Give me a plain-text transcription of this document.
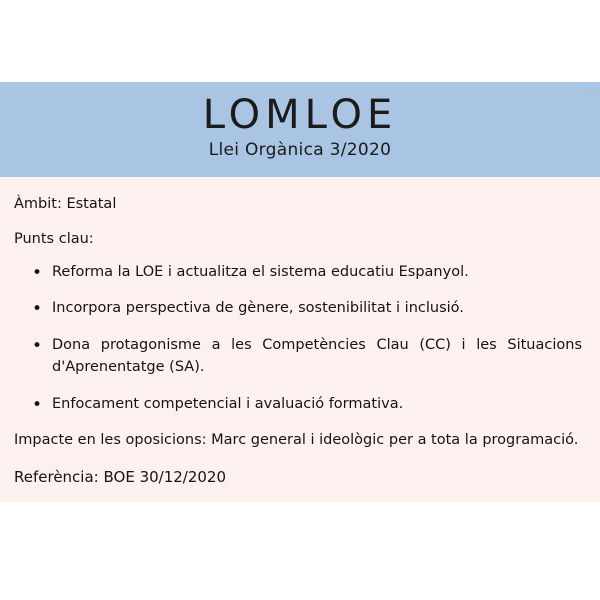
LOMLOE

Llei Orgànica 3/2020

···

Àmbit: Estatal

Punts clau:

• Reforma la LOE i actualitza el sistema educatiu Espanyol.
• Incorpora perspectiva de gènere, sostenibilitat i inclusió.
• Dona protagonisme a les Competències Clau (CC) i les Situacions d'Aprenentatge (SA).
• Enfocament competencial i avaluació formativa.

Impacte en les oposicions: Marc general i ideològic per a tota la programació.

Referència: BOE 30/12/2020
